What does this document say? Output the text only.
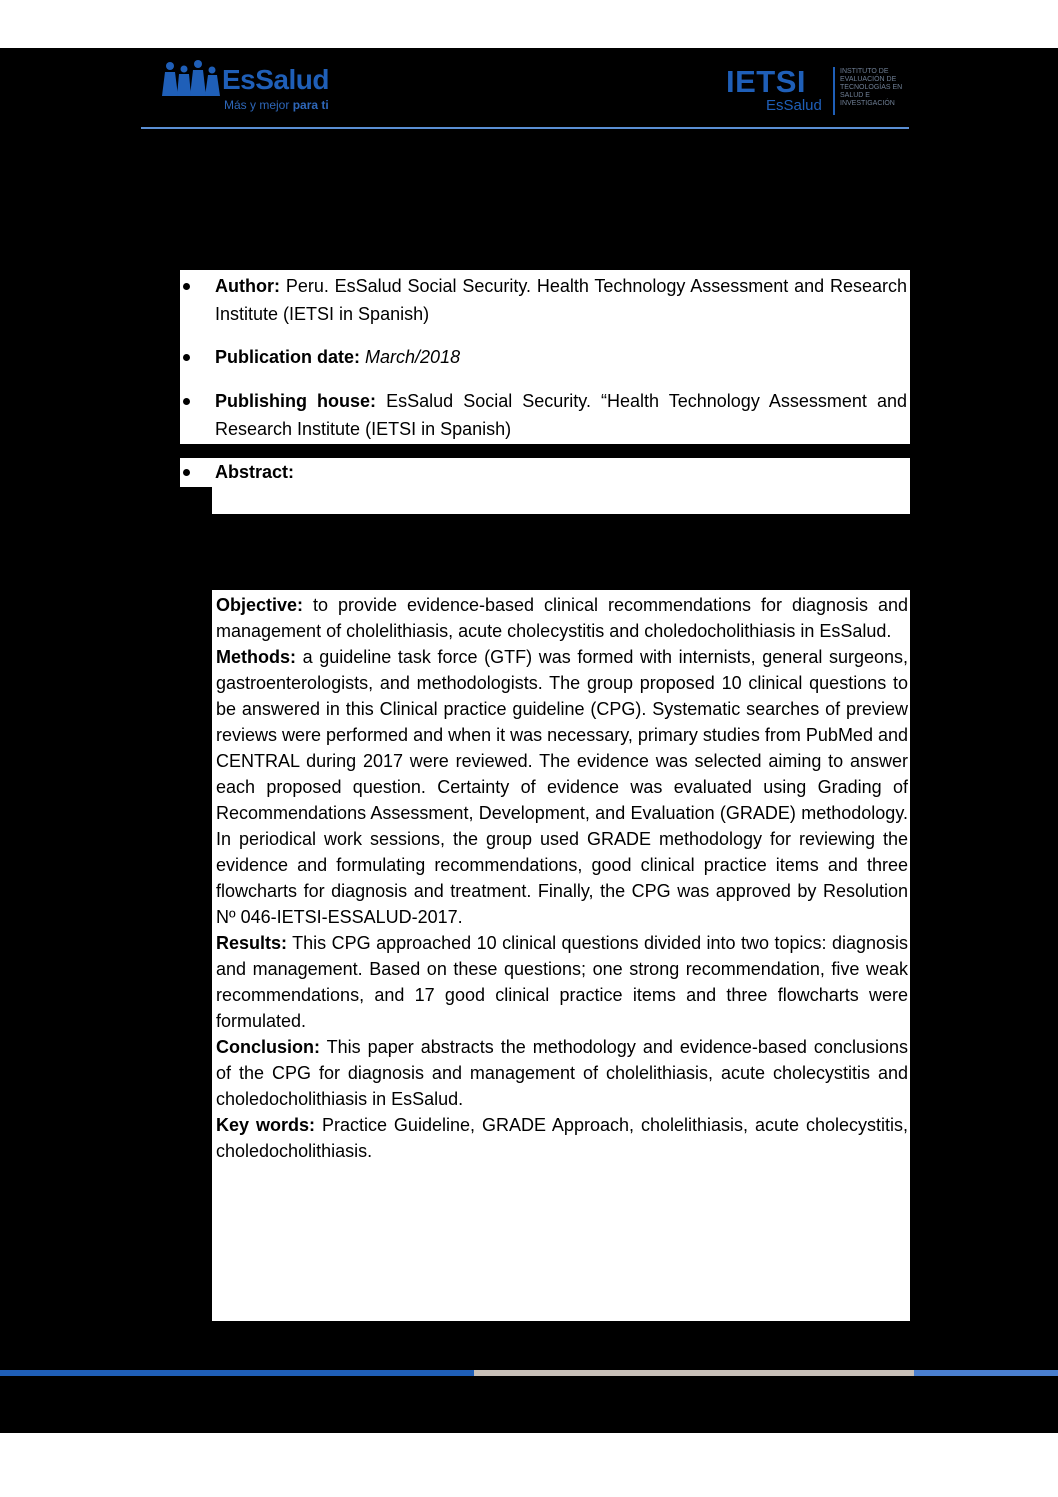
EsSalud
Más y mejor para ti
IETSI
EsSalud
INSTITUTO DE EVALUACIÓN DE TECNOLOGÍAS EN SALUD E INVESTIGACIÓN
Author: Peru. EsSalud Social Security. Health Technology Assessment and Research Institute (IETSI in Spanish)
Publication date: March/2018
Publishing house: EsSalud Social Security. “Health Technology Assessment and Research Institute (IETSI in Spanish)
Abstract:

Objective: to provide evidence-based clinical recommendations for diagnosis and management of cholelithiasis, acute cholecystitis and choledocholithiasis in EsSalud.

Methods: a guideline task force (GTF) was formed with internists, general surgeons, gastroenterologists, and methodologists. The group proposed 10 clinical questions to be answered in this Clinical practice guideline (CPG). Systematic searches of preview reviews were performed and when it was necessary, primary studies from PubMed and CENTRAL during 2017 were reviewed. The evidence was selected aiming to answer each proposed question. Certainty of evidence was evaluated using Grading of Recommendations Assessment, Development, and Evaluation (GRADE) methodology. In periodical work sessions, the group used GRADE methodology for reviewing the evidence and formulating recommendations, good clinical practice items and three flowcharts for diagnosis and treatment. Finally, the CPG was approved by Resolution Nº 046-IETSI-ESSALUD-2017.

Results: This CPG approached 10 clinical questions divided into two topics: diagnosis and management. Based on these questions; one strong recommendation, five weak recommendations, and 17 good clinical practice items and three flowcharts were formulated.

Conclusion: This paper abstracts the methodology and evidence-based conclusions of the CPG for diagnosis and management of cholelithiasis, acute cholecystitis and choledocholithiasis in EsSalud.

Key words: Practice Guideline, GRADE Approach, cholelithiasis, acute cholecystitis, choledocholithiasis.
